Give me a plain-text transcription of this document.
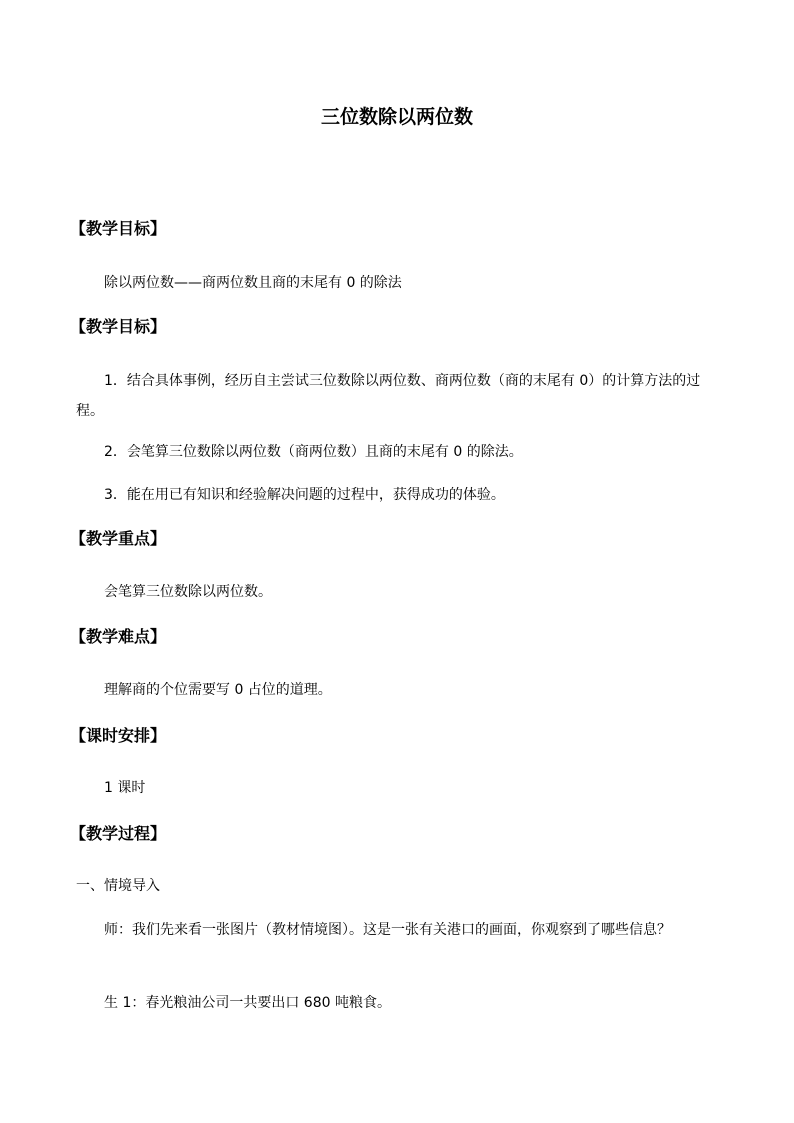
三位数除以两位数
【教学目标】
除以两位数——商两位数且商的末尾有 0 的除法
【教学目标】
1．结合具体事例，经历自主尝试三位数除以两位数、商两位数（商的末尾有 0）的计算方法的过程。
2．会笔算三位数除以两位数（商两位数）且商的末尾有 0 的除法。
3．能在用已有知识和经验解决问题的过程中，获得成功的体验。
【教学重点】
会笔算三位数除以两位数。
【教学难点】
理解商的个位需要写 0 占位的道理。
【课时安排】
1 课时
【教学过程】
一、情境导入
师：我们先来看一张图片（教材情境图）。这是一张有关港口的画面，你观察到了哪些信息？
生 1：春光粮油公司一共要出口 680 吨粮食。
